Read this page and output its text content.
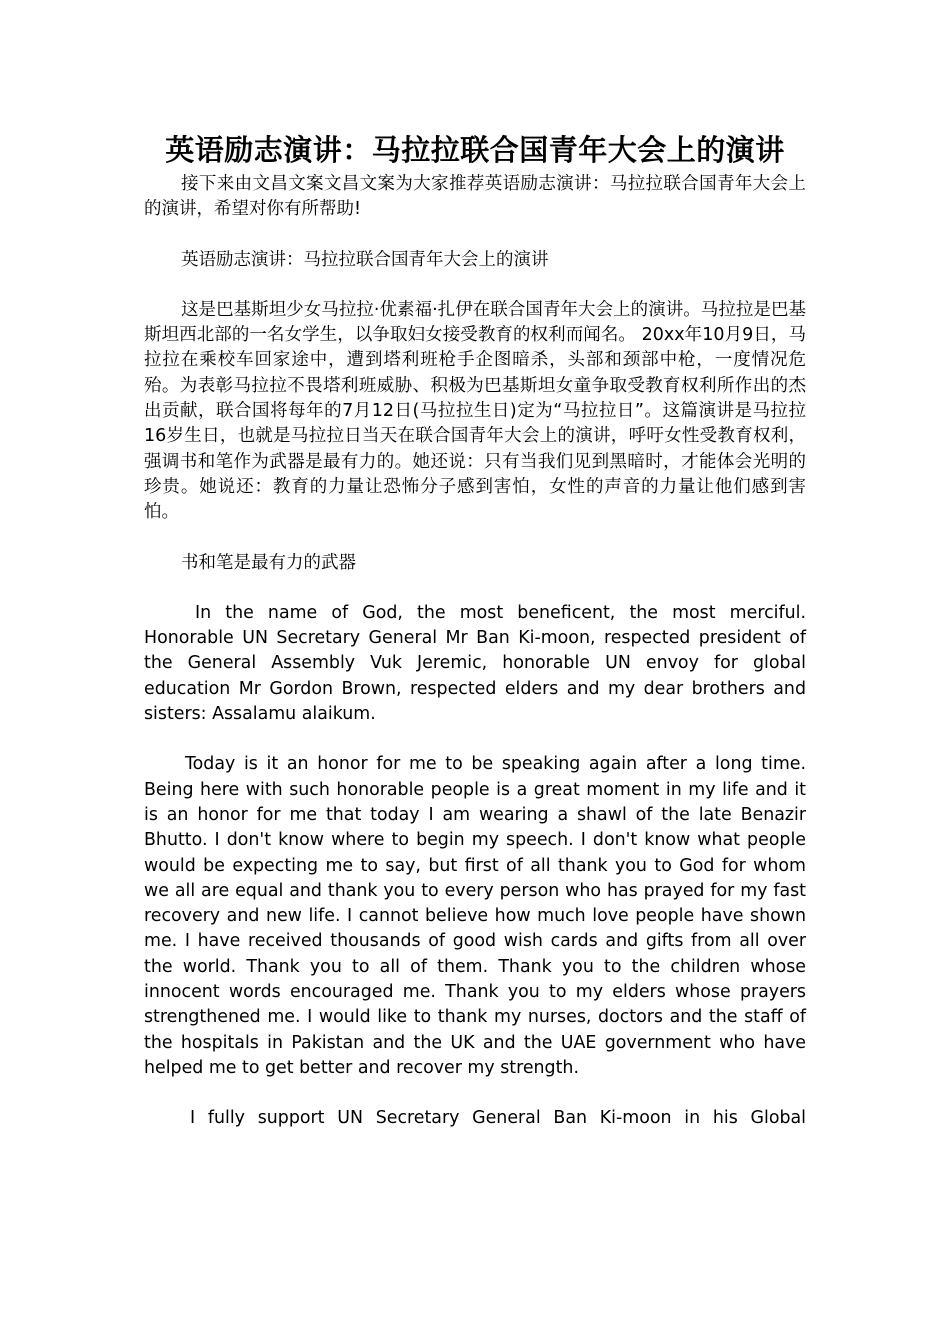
英语励志演讲：马拉拉联合国青年大会上的演讲

接下来由文昌文案文昌文案为大家推荐英语励志演讲：马拉拉联合国青年大会上的演讲，希望对你有所帮助!

英语励志演讲：马拉拉联合国青年大会上的演讲

这是巴基斯坦少女马拉拉·优素福·扎伊在联合国青年大会上的演讲。马拉拉是巴基斯坦西北部的一名女学生，以争取妇女接受教育的权利而闻名。 20xx年10月9日，马拉拉在乘校车回家途中，遭到塔利班枪手企图暗杀，头部和颈部中枪，一度情况危殆。为表彰马拉拉不畏塔利班威胁、积极为巴基斯坦女童争取受教育权利所作出的杰出贡献，联合国将每年的7月12日(马拉拉生日)定为“马拉拉日”。这篇演讲是马拉拉16岁生日，也就是马拉拉日当天在联合国青年大会上的演讲，呼吁女性受教育权利，强调书和笔作为武器是最有力的。她还说：只有当我们见到黑暗时，才能体会光明的珍贵。她说还：教育的力量让恐怖分子感到害怕，女性的声音的力量让他们感到害怕。

书和笔是最有力的武器

In the name of God, the most beneficent, the most merciful. Honorable UN Secretary General Mr Ban Ki-moon, respected president of the General Assembly Vuk Jeremic, honorable UN envoy for global education Mr Gordon Brown, respected elders and my dear brothers and sisters: Assalamu alaikum.

Today is it an honor for me to be speaking again after a long time. Being here with such honorable people is a great moment in my life and it is an honor for me that today I am wearing a shawl of the late Benazir Bhutto. I don't know where to begin my speech. I don't know what people would be expecting me to say, but first of all thank you to God for whom we all are equal and thank you to every person who has prayed for my fast recovery and new life. I cannot believe how much love people have shown me. I have received thousands of good wish cards and gifts from all over the world. Thank you to all of them. Thank you to the children whose innocent words encouraged me. Thank you to my elders whose prayers strengthened me. I would like to thank my nurses, doctors and the staff of the hospitals in Pakistan and the UK and the UAE government who have helped me to get better and recover my strength.

I fully support UN Secretary General Ban Ki-moon in his Global
